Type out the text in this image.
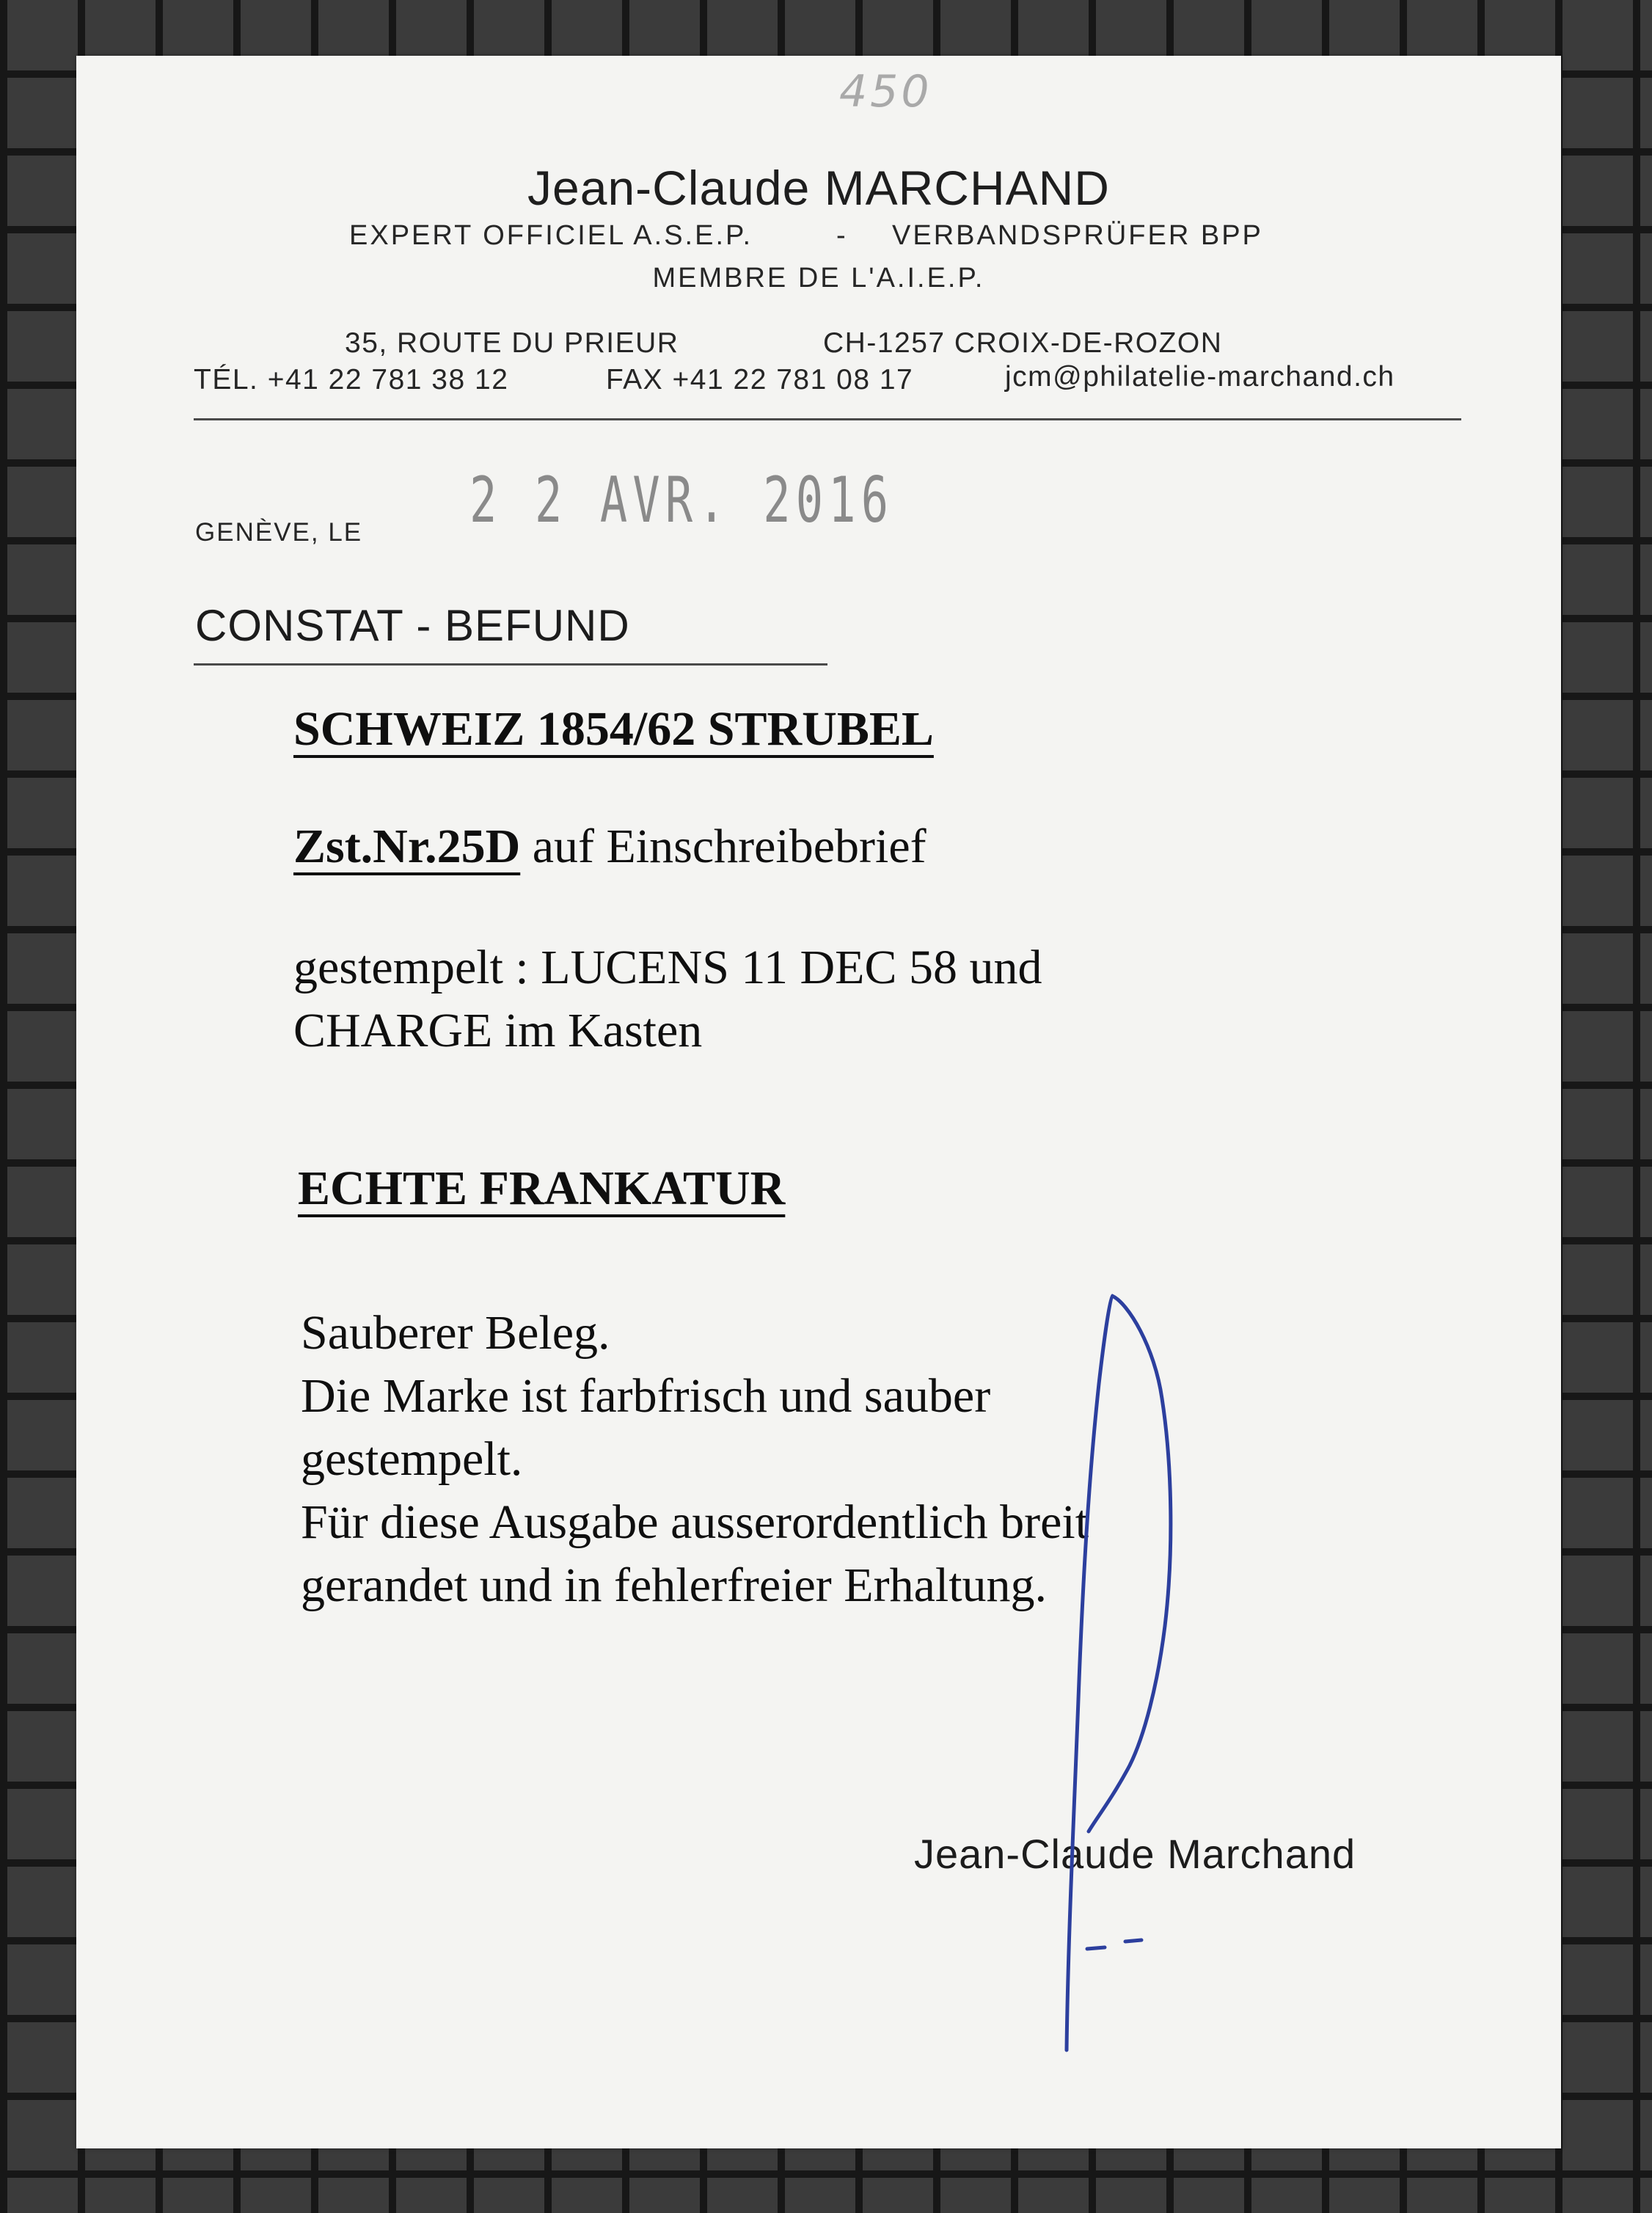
450
Jean-Claude MARCHAND
EXPERT OFFICIEL A.S.E.P.	- VERBANDSPRÜFER BPP
MEMBRE DE L'A.I.E.P.
35, ROUTE DU PRIEUR	CH-1257 CROIX-DE-ROZON
TÉL. +41 22 781 38 12	FAX +41 22 781 08 17	jcm@philatelie-marchand.ch
GENÈVE, LE 2 2 AVR. 2016
CONSTAT - BEFUND
SCHWEIZ 1854/62 STRUBEL
Zst.Nr.25D auf Einschreibebrief
gestempelt : LUCENS 11 DEC 58 und
CHARGE im Kasten
ECHTE FRANKATUR
Sauberer Beleg.
Die Marke ist farbfrisch und sauber
gestempelt.
Für diese Ausgabe ausserordentlich breit
gerandet und in fehlerfreier Erhaltung.
Jean-Claude Marchand
